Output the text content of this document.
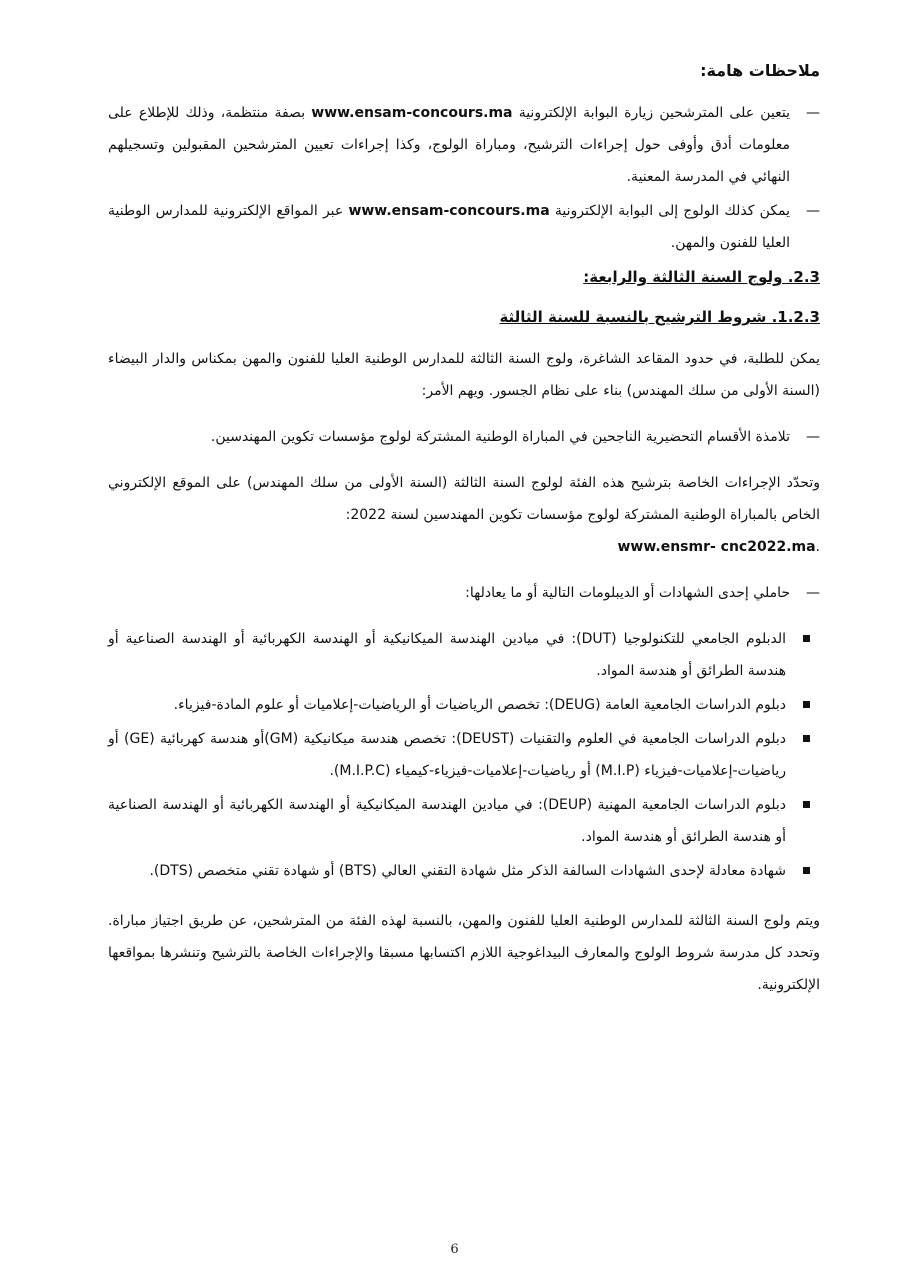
ملاحظات هامة:
—
يتعين على المترشحين زيارة البوابة الإلكترونية www.ensam-concours.ma بصفة منتظمة، وذلك للإطلاع على معلومات أدق وأوفى حول إجراءات الترشيح، ومباراة الولوج، وكذا إجراءات تعيين المترشحين المقبولين وتسجيلهم النهائي في المدرسة المعنية.
—
يمكن كذلك الولوج إلى البوابة الإلكترونية www.ensam-concours.ma عبر المواقع الإلكترونية للمدارس الوطنية العليا للفنون والمهن.
2.3. ولوج السنة الثالثة والرابعة:
1.2.3. شروط الترشيح بالنسبة للسنة الثالثة
يمكن للطلبة، في حدود المقاعد الشاغرة، ولوج السنة الثالثة للمدارس الوطنية العليا للفنون والمهن بمكناس والدار البيضاء (السنة الأولى من سلك المهندس) بناء على نظام الجسور. ويهم الأمر:
—
تلامذة الأقسام التحضيرية الناجحين في المباراة الوطنية المشتركة لولوج مؤسسات تكوين المهندسين.
وتحدّد الإجراءات الخاصة بترشيح هذه الفئة لولوج السنة الثالثة (السنة الأولى من سلك المهندس) على الموقع الإلكتروني الخاص بالمباراة الوطنية المشتركة لولوج مؤسسات تكوين المهندسين لسنة 2022:
.www.ensmr- cnc2022.ma
—
حاملي إحدى الشهادات أو الديبلومات التالية أو ما يعادلها:
الدبلوم الجامعي للتكنولوجيا (DUT): في ميادين الهندسة الميكانيكية أو الهندسة الكهربائية أو الهندسة الصناعية أو هندسة الطرائق أو هندسة المواد.
دبلوم الدراسات الجامعية العامة (DEUG): تخصص الرياضيات أو الرياضيات-إعلاميات أو علوم المادة-فيزياء.
دبلوم الدراسات الجامعية في العلوم والتقنيات (DEUST): تخصص هندسة ميكانيكية (GM)أو هندسة كهربائية (GE) أو رياضيات-إعلاميات-فيزياء (M.I.P) أو رياضيات-إعلاميات-فيزياء-كيمياء (M.I.P.C).
دبلوم الدراسات الجامعية المهنية (DEUP): في ميادين الهندسة الميكانيكية أو الهندسة الكهربائية أو الهندسة الصناعية أو هندسة الطرائق أو هندسة المواد.
شهادة معادلة لإحدى الشهادات السالفة الذكر مثل شهادة التقني العالي (BTS) أو شهادة تقني متخصص (DTS).
ويتم ولوج السنة الثالثة للمدارس الوطنية العليا للفنون والمهن، بالنسبة لهذه الفئة من المترشحين، عن طريق اجتياز مباراة. وتحدد كل مدرسة شروط الولوج والمعارف البيداغوجية اللازم اكتسابها مسبقا والإجراءات الخاصة بالترشيح وتنشرها بمواقعها الإلكترونية.
6
